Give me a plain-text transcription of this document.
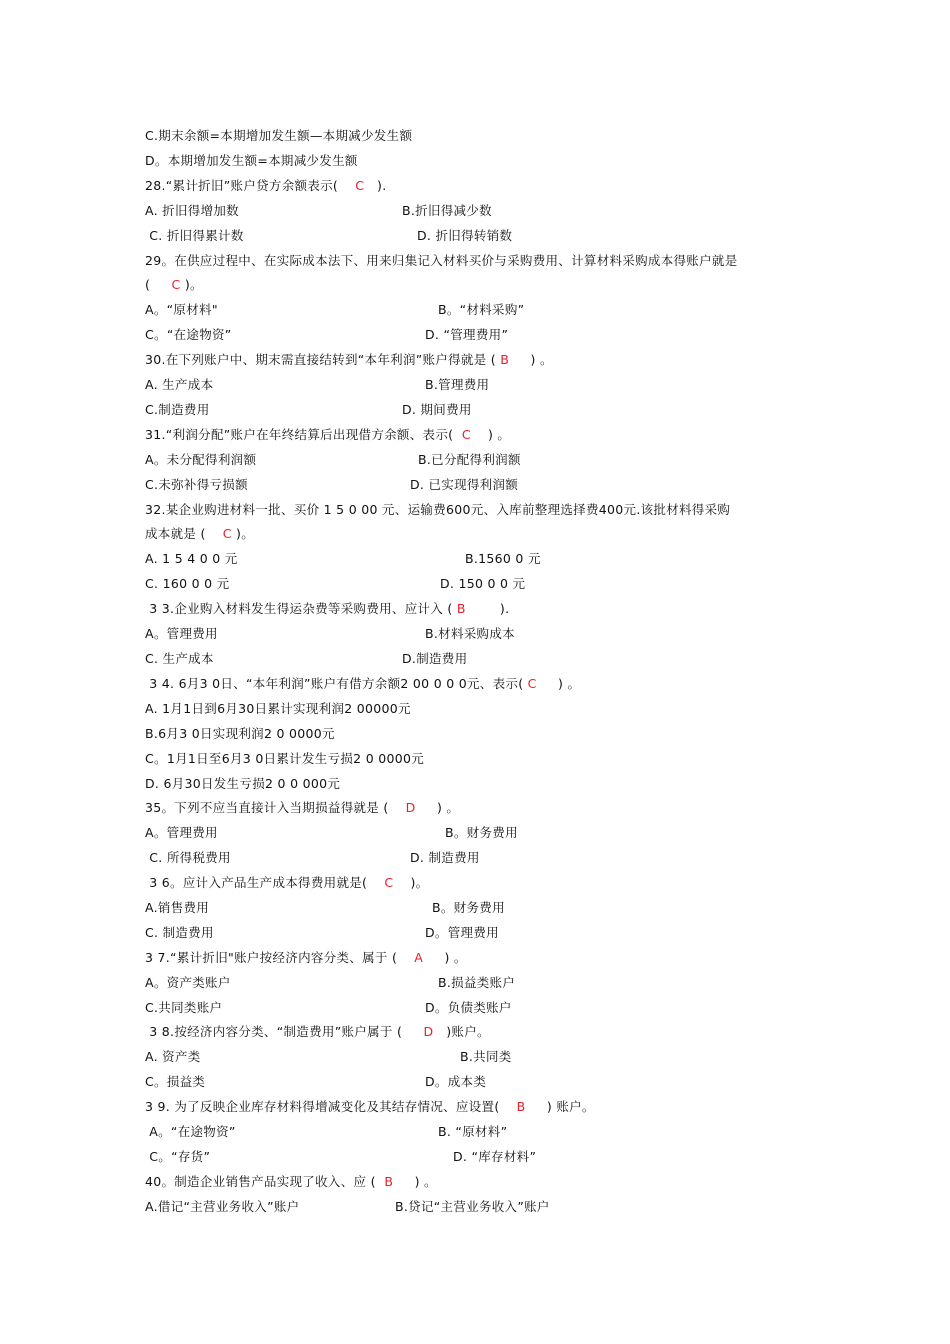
C.期末余额=本期增加发生额—本期减少发生额
D。本期增加发生额=本期减少发生额
28.“累计折旧”账户贷方余额表示(    C   ).

A. 折旧得增加数

	B.折旧得减少数

C. 折旧得累计数

	D. 折旧得转销数

29。在供应过程中、在实际成本法下、用来归集记入材料买价与采购费用、计算材料采购成本得账户就是
(     C )。

A。“原材料"

	B。“材料采购”

C。“在途物资”

	D. “管理费用”

30.在下列账户中、期末需直接结转到“本年利润”账户得就是 ( B     ) 。

A. 生产成本

	B.管理费用

C.制造费用

	D. 期间费用

31.“利润分配”账户在年终结算后出现借方余额、表示(  C    ) 。

A。未分配得利润额

	B.已分配得利润额

C.未弥补得亏损额

	D. 已实现得利润额

32.某企业购进材料一批、买价 1 5 0 00 元、运输费600元、入库前整理选择费400元.该批材料得采购
成本就是 (    C )。

A. 1 5 4 0 0 元

	B.1560 0 元

C. 160 0 0 元

	D. 150 0 0 元

3 3.企业购入材料发生得运杂费等采购费用、应计入 ( B        ).

A。管理费用

	B.材料采购成本

C. 生产成本

	D.制造费用

3 4. 6月3 0日、“本年利润”账户有借方余额2 00 0 0 0元、表示( C     ) 。
A. 1月1日到6月30日累计实现利润2 00000元
B.6月3 0日实现利润2 0 0000元
C。1月1日至6月3 0日累计发生亏损2 0 0000元
D. 6月30日发生亏损2 0 0 000元
35。下列不应当直接计入当期损益得就是 (    D     ) 。

A。管理费用

	B。财务费用

C. 所得税费用

	D. 制造费用

3 6。应计入产品生产成本得费用就是(    C    )。

A.销售费用

	B。财务费用

C. 制造费用

	D。管理费用

3 7.“累计折旧"账户按经济内容分类、属于 (    A     ) 。

A。资产类账户

	B.损益类账户

C.共同类账户

	D。负债类账户

3 8.按经济内容分类、“制造费用”账户属于 (     D   )账户。

A. 资产类

	B.共同类

C。损益类

	D。成本类

3 9. 为了反映企业库存材料得增减变化及其结存情况、应设置(    B     ) 账户。

A。“在途物资”

	B. “原材料”

C。“存货”

	D. “库存材料”

40。制造企业销售产品实现了收入、应 (  B     ) 。

A.借记“主营业务收入”账户

	B.贷记“主营业务收入”账户
